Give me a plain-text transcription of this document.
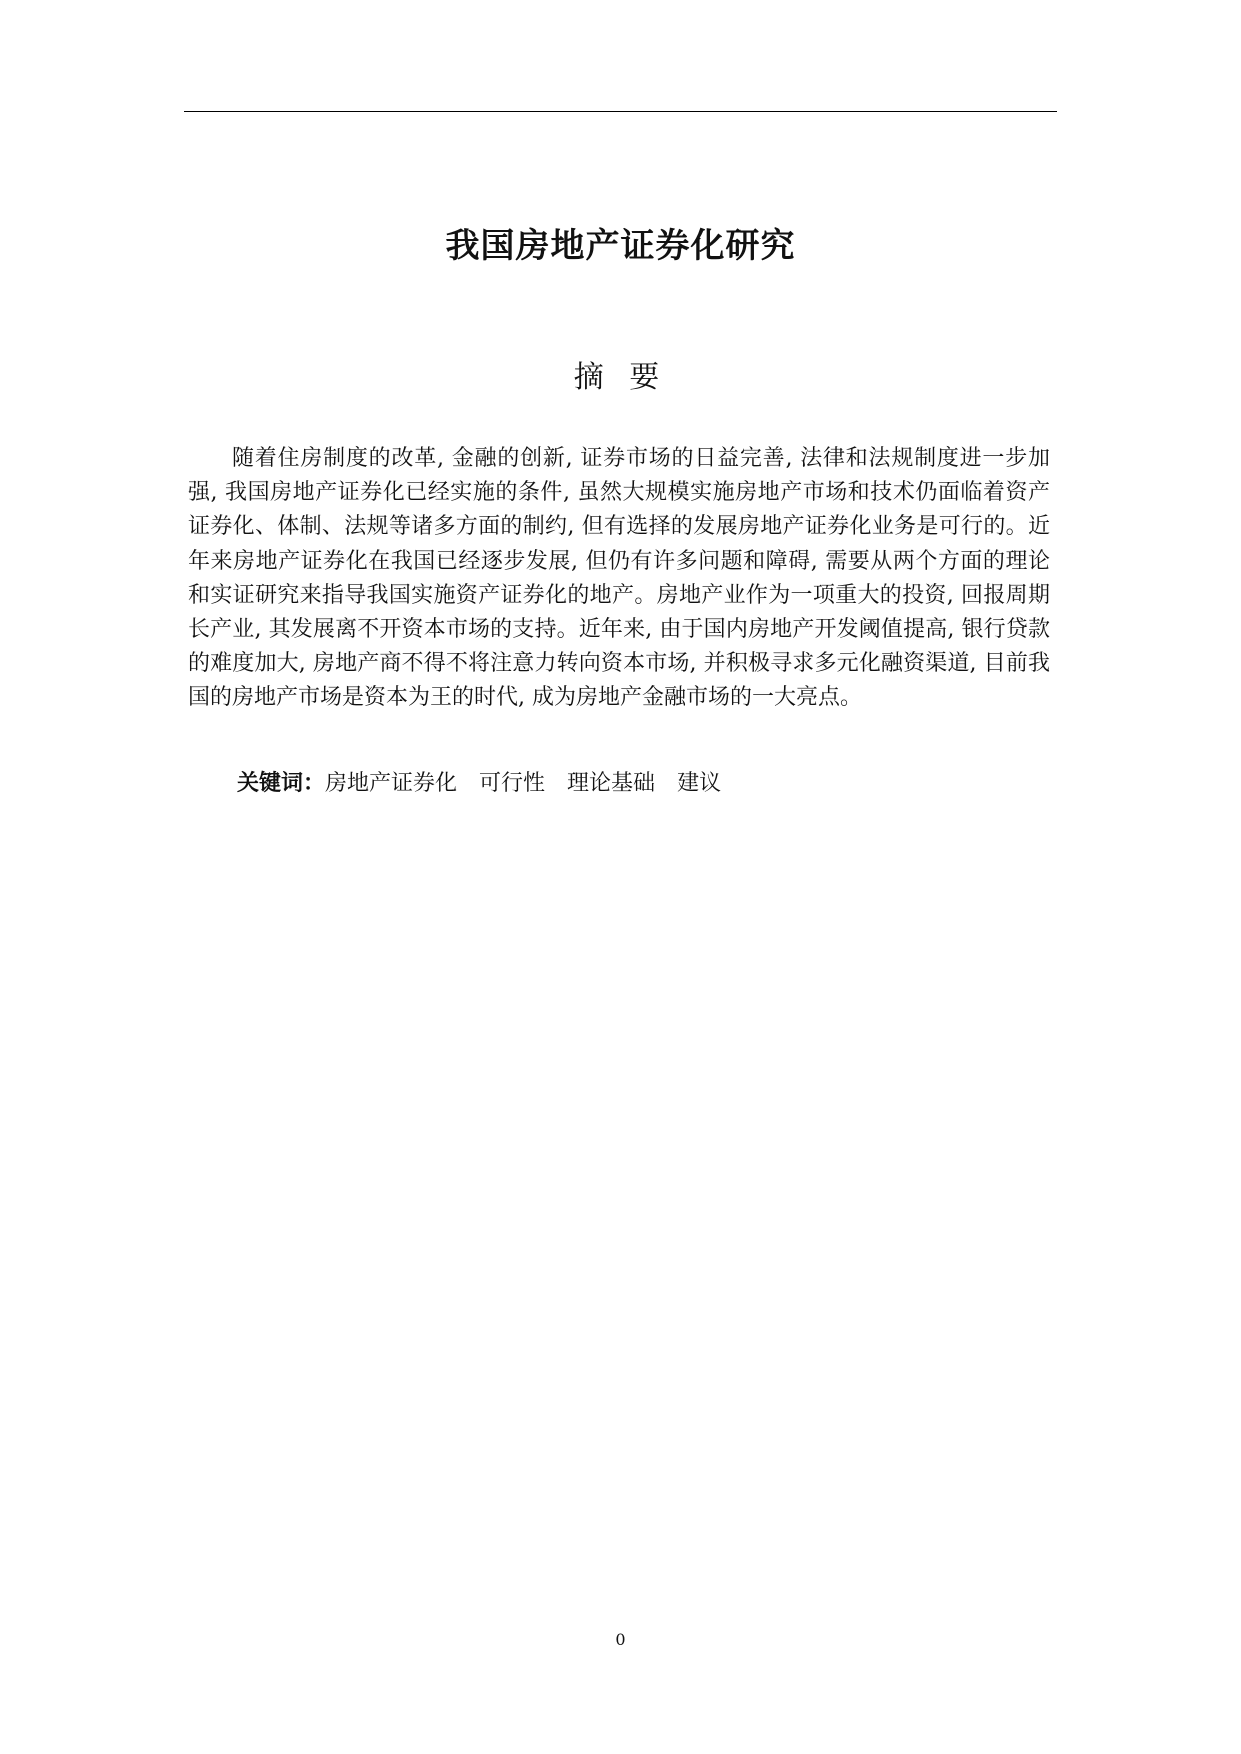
我国房地产证券化研究
摘 要

随着住房制度的改革, 金融的创新, 证券市场的日益完善, 法律和法规制度进一步加强, 我国房地产证券化已经实施的条件, 虽然大规模实施房地产市场和技术仍面临着资产证券化、体制、法规等诸多方面的制约, 但有选择的发展房地产证券化业务是可行的。近年来房地产证券化在我国已经逐步发展, 但仍有许多问题和障碍, 需要从两个方面的理论和实证研究来指导我国实施资产证券化的地产。房地产业作为一项重大的投资, 回报周期长产业, 其发展离不开资本市场的支持。近年来, 由于国内房地产开发阈值提高, 银行贷款的难度加大, 房地产商不得不将注意力转向资本市场, 并积极寻求多元化融资渠道, 目前我国的房地产市场是资本为王的时代, 成为房地产金融市场的一大亮点。

关键词：房地产证券化 可行性 理论基础 建议
0
